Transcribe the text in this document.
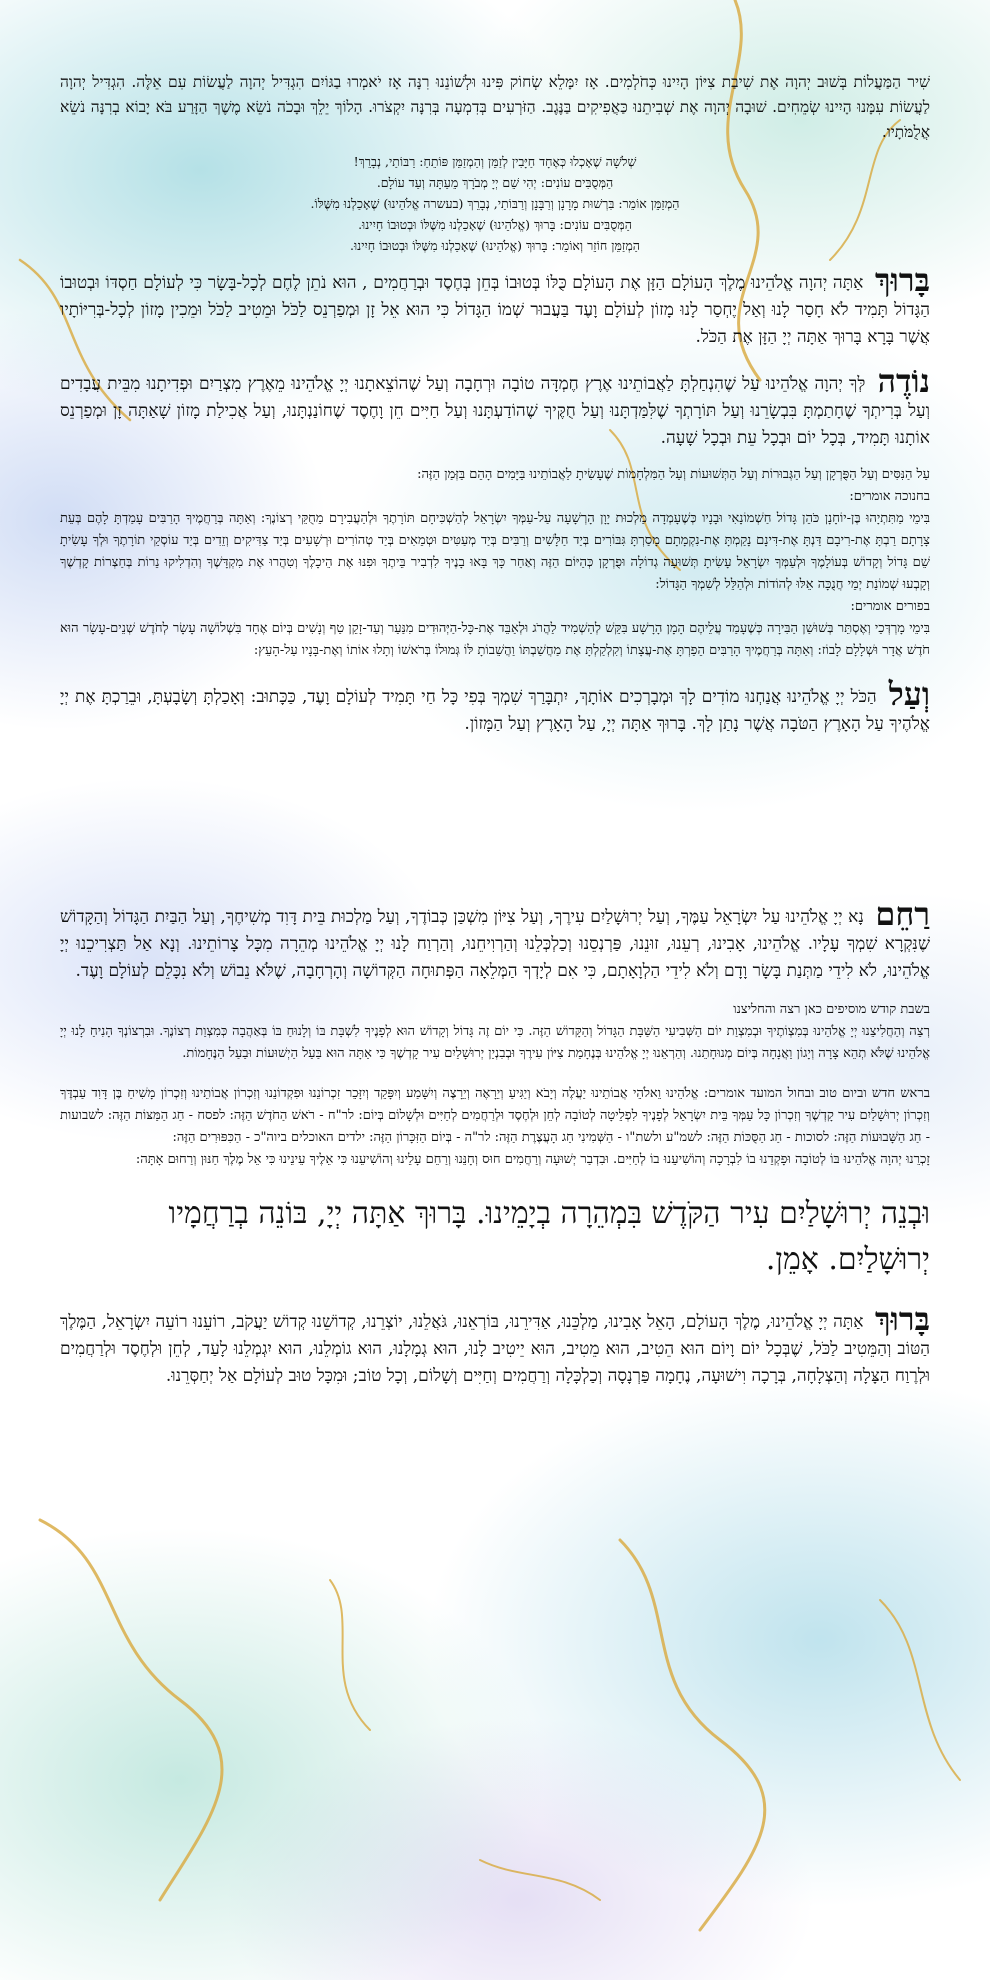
שִׁיר הַמַּעֲלוֹת בְּשׁוּב יְהוָה אֶת שִׁיבַת צִיּוֹן הָיִינוּ כְּחֹלְמִים. אָז יִמָּלֵא שְׂחוֹק פִּינוּ וּלְשׁוֹנֵנוּ רִנָּה אָז יֹאמְרוּ בַגּוֹיִם הִגְדִּיל יְהוָה לַעֲשׂוֹת עִם אֵלֶּה. הִגְדִּיל יְהוָה לַעֲשׂוֹת עִמָּנוּ הָיִינוּ שְׂמֵחִים. שׁוּבָה יְהוָה אֶת שְׁבִיתֵנוּ כַּאֲפִיקִים בַּנֶּגֶב. הַזֹּרְעִים בְּדִמְעָה בְּרִנָּה יִקְצֹרוּ. הָלוֹךְ יֵלֵךְ וּבָכֹה נֹשֵׂא מֶשֶׁךְ הַזָּרַע בֹּא יָבוֹא בְרִנָּה נֹשֵׂא אֲלֻמֹּתָיו.

שְׁלֹשָׁה שֶׁאָכְלוּ כְּאֶחָד חַיָּבִין לְזַמֵּן וְהַמְזַמֵּן פּוֹתֵחַ: רַבּוֹתַי, נְבָרֵךְ!
הַמְּסֻבִּים עוֹנִים: יְהִי שֵׁם יְיָ מְבֹרָךְ מֵעַתָּה וְעַד עוֹלָם.
הַמְזַמֵּן אוֹמֵר: בִּרְשׁוּת מָרָנָן וְרַבָּנָן וְרַבּוֹתַי, נְבָרֵךְ (בעשרה אֱלֹהֵינוּ) שֶׁאָכַלְנוּ מִשֶּׁלּוֹ.
הַמְּסֻבִּים עוֹנִים: בָּרוּךְ (אֱלֹהֵינוּ) שֶׁאָכַלְנוּ מִשֶּׁלּוֹ וּבְטוּבוֹ חָיִינוּ.
הַמְזַמֵּן חוֹזֵר וְאוֹמֵר: בָּרוּךְ (אֱלֹהֵינוּ) שֶׁאָכַלְנוּ מִשֶּׁלּוֹ וּבְטוּבוֹ חָיִינוּ.

בָּרוּךְ אַתָּה יְהוָה אֱלֹהֵינוּ מֶלֶךְ הָעוֹלָם הַזָּן אֶת הָעוֹלָם כֻּלּוֹ בְּטוּבוֹ בְּחֵן בְּחֶסֶד וּבְרַחֲמִים , הוּא נֹתֵן לֶחֶם לְכָל-בָּשָׂר כִּי לְעוֹלָם חַסְדּוֹ וּבְטוּבוֹ הַגָּדוֹל תָּמִיד לֹא חָסַר לָנוּ וְאַל יֶחְסַר לָנוּ מָזוֹן לְעוֹלָם וָעֶד בַּעֲבוּר שְׁמוֹ הַגָּדוֹל כִּי הוּא אֵל זָן וּמְפַרְנֵס לַכֹּל וּמֵטִיב לַכֹּל וּמֵכִין מָזוֹן לְכָל-בְּרִיּוֹתָיו אֲשֶׁר בָּרָא בָּרוּךְ אַתָּה יְיָ הַזָּן אֶת הַכֹּל.

נוֹדֶה לְּךָ יְהוָה אֱלֹהֵינוּ עַל שֶׁהִנְחַלְתָּ לַאֲבוֹתֵינוּ אֶרֶץ חֶמְדָּה טוֹבָה וּרְחָבָה וְעַל שֶׁהוֹצֵאתָנוּ יְיָ אֱלֹהֵינוּ מֵאֶרֶץ מִצְרַיִם וּפְדִיתָנוּ מִבֵּית עֲבָדִים וְעַל בְּרִיתְךָ שֶׁחָתַמְתָּ בִּבְשָׂרֵנוּ וְעַל תּוֹרָתְךָ שֶׁלִּמַּדְתָּנוּ וְעַל חֻקֶּיךָ שֶׁהוֹדַעְתָּנוּ וְעַל חַיִּים חֵן וָחֶסֶד שֶׁחוֹנַנְתָּנוּ, וְעַל אֲכִילַת מָזוֹן שָׁאַתָּה זָן וּמְפַרְנֵס אוֹתָנוּ תָּמִיד, בְּכָל יוֹם וּבְכָל עֵת וּבְכָל שָׁעָה.

עַל הַנִּסִּים וְעַל הַפֻּרְקָן וְעַל הַגְּבוּרוֹת וְעַל הַתְּשׁוּעוֹת וְעַל הַמִּלְחָמוֹת שֶׁעָשִׂיתָ לַאֲבוֹתֵינוּ בַּיָּמִים הָהֵם בַּזְּמַן הַזֶּה:

בחנוכה אומרים:

בִּימֵי מַתִּתְיָהוּ בֶּן-יוֹחָנָן כֹּהֵן גָּדוֹל חַשְׁמוֹנָאִי וּבָנָיו כְּשֶׁעָמְדָה מַלְכוּת יָוָן הָרְשָׁעָה עַל-עַמְּךָ יִשְׂרָאֵל לְהַשְׁכִּיחָם תּוֹרָתֶךָ וּלְהַעֲבִירָם מֵחֻקֵּי רְצוֹנֶךָ: וְאַתָּה בְּרַחֲמֶיךָ הָרַבִּים עָמַדְתָּ לָהֶם בְּעֵת צָרָתָם רַבְתָּ אֶת-רִיבָם דַּנְתָּ אֶת-דִּינָם נָקַמְתָּ אֶת-נִקְמָתָם מָסַרְתָּ גִּבּוֹרִים בְּיַד חַלָּשִׁים וְרַבִּים בְּיַד מְעַטִּים וּטְמֵאִים בְּיַד טְהוֹרִים וּרְשָׁעִים בְּיַד צַדִּיקִים וְזֵדִים בְּיַד עוֹסְקֵי תוֹרָתֶךָ וּלְךָ עָשִׂיתָ שֵׁם גָּדוֹל וְקָדוֹשׁ בְּעוֹלָמֶךָ וּלְעַמְּךָ יִשְׂרָאֵל עָשִׂיתָ תְּשׁוּעָה גְדוֹלָה וּפֻרְקָן כְּהַיּוֹם הַזֶּה וְאַחַר כָּךְ בָּאוּ בָנֶיךָ לִדְבִיר בֵּיתֶךָ וּפִנּוּ אֶת הֵיכָלֶךָ וְטִהֲרוּ אֶת מִקְדָּשֶׁךָ וְהִדְלִיקוּ נֵרוֹת בְּחַצְרוֹת קָדְשֶׁךָ וְקָבְעוּ שְׁמוֹנַת יְמֵי חֲנֻכָּה אֵלּוּ לְהוֹדוֹת וּלְהַלֵּל לְשִׁמְךָ הַגָּדוֹל:

בפורים אומרים:

בִּימֵי מָרְדְּכַי וְאֶסְתֵּר בְּשׁוּשַׁן הַבִּירָה כְּשֶׁעָמַד עֲלֵיהֶם הָמָן הָרָשָׁע בִּקֵּשׁ לְהַשְׁמִיד לַהֲרֹג וּלְאַבֵּד אֶת-כָּל-הַיְּהוּדִים מִנַּעַר וְעַד-זָקֵן טַף וְנָשִׁים בְּיוֹם אֶחָד בִּשְׁלוֹשָׁה עָשָׂר לְחֹדֶשׁ שְׁנֵים-עָשָׂר הוּא חֹדֶשׁ אֲדָר וּשְׁלָלָם לָבוֹז: וְאַתָּה בְּרַחֲמֶיךָ הָרַבִּים הֵפַרְתָּ אֶת-עֲצָתוֹ וְקִלְקַלְתָּ אֶת מַחֲשַׁבְתּוֹ וַהֲשֵׁבוֹתָ לּוֹ גְּמוּלוֹ בְּרֹאשׁוֹ וְתָלוּ אוֹתוֹ וְאֶת-בָּנָיו עַל-הָעֵץ:

וְעַל הַכֹּל יְיָ אֱלֹהֵינוּ אֲנַחְנוּ מוֹדִים לָךְ וּמְבָרְכִים אוֹתָךְ, יִתְבָּרַךְ שִׁמְךָ בְּפִי כָּל חַי תָּמִיד לְעוֹלָם וָעֶד, כַּכָּתוּב: וְאָכַלְתָּ וְשָׂבָעְתָּ, וּבֵרַכְתָּ אֶת יְיָ אֱלֹהֶיךָ עַל הָאָרֶץ הַטֹּבָה אֲשֶׁר נָתַן לָךְ. בָּרוּךְ אַתָּה יְיָ, עַל הָאָרֶץ וְעַל הַמָּזוֹן.

רַחֵם נָא יְיָ אֱלֹהֵינוּ עַל יִשְׂרָאֵל עַמֶּךָ, וְעַל יְרוּשָׁלַיִם עִירֶךָ, וְעַל צִיּוֹן מִשְׁכַּן כְּבוֹדֶךָ, וְעַל מַלְכוּת בֵּית דָּוִד מְשִׁיחֶךָ, וְעַל הַבַּיִת הַגָּדוֹל וְהַקָּדוֹשׁ שֶׁנִּקְרָא שִׁמְךָ עָלָיו. אֱלֹהֵינוּ, אָבִינוּ, רְעֵנוּ, זוּנֵנוּ, פַּרְנְסֵנוּ וְכַלְכְּלֵנוּ וְהַרְוִיחֵנוּ, וְהַרְוַח לָנוּ יְיָ אֱלֹהֵינוּ מְהֵרָה מִכָּל צָרוֹתֵינוּ. וְנָא אַל תַּצְרִיכֵנוּ יְיָ אֱלֹהֵינוּ, לֹא לִידֵי מַתְּנַת בָּשָׂר וָדָם וְלֹא לִידֵי הַלְוָאָתָם, כִּי אִם לְיָדְךָ הַמְּלֵאָה הַפְּתוּחָה הַקְּדוֹשָׁה וְהָרְחָבָה, שֶׁלֹּא נֵבוֹשׁ וְלֹא נִכָּלֵם לְעוֹלָם וָעֶד.

בשבת קודש מוסיפים כאן רצה והחליצנו

רְצֵה וְהַחֲלִיצֵנוּ יְיָ אֱלֹהֵינוּ בְּמִצְוֹתֶיךָ וּבְמִצְוַת יוֹם הַשְּׁבִיעִי הַשַּׁבָּת הַגָּדוֹל וְהַקָּדוֹשׁ הַזֶּה. כִּי יוֹם זֶה גָּדוֹל וְקָדוֹשׁ הוּא לְפָנֶיךָ לִשְׁבָּת בּוֹ וְלָנוּחַ בּוֹ בְּאַהֲבָה כְּמִצְוַת רְצוֹנֶךָ. וּבִרְצוֹנְךָ הָנִיחַ לָנוּ יְיָ אֱלֹהֵינוּ שֶׁלֹּא תְהֵא צָרָה וְיָגוֹן וַאֲנָחָה בְּיוֹם מְנוּחָתֵנוּ. וְהַרְאֵנוּ יְיָ אֱלֹהֵינוּ בְּנֶחָמַת צִיּוֹן עִירֶךָ וּבְבִנְיַן יְרוּשָׁלַיִם עִיר קָדְשֶׁךָ כִּי אַתָּה הוּא בַּעַל הַיְשׁוּעוֹת וּבַעַל הַנֶּחָמוֹת.

בראש חדש וביום טוב ובחול המועד אומרים: אֱלֹהֵינוּ וֵאלֹהֵי אֲבוֹתֵינוּ יַעֲלֶה וְיָבֹא וְיַגִּיעַ וְיֵרָאֶה וְיֵרָצֶה וְיִשָּׁמַע וְיִפָּקֵד וְיִזָּכֵר זִכְרוֹנֵנוּ וּפִקְדוֹנֵנוּ וְזִכְרוֹן אֲבוֹתֵינוּ וְזִכְרוֹן מָשִׁיחַ בֶּן דָּוִד עַבְדֶּךָ וְזִכְרוֹן יְרוּשָׁלַיִם עִיר קָדְשֶׁךָ וְזִכְרוֹן כָּל עַמְּךָ בֵּית יִשְׂרָאֵל לְפָנֶיךָ לִפְלֵיטָה לְטוֹבָה לְחֵן וּלְחֶסֶד וּלְרַחֲמִים לְחַיִּים וּלְשָׁלוֹם בְּיוֹם: לר"ח - רֹאשׁ הַחֹדֶשׁ הַזֶּה: לפסח - חַג הַמַּצּוֹת הַזֶּה: לשבועות - חַג הַשָּׁבוּעוֹת הַזֶּה: לסוכות - חַג הַסֻּכּוֹת הַזֶּה: לשמ"ע ולשת"ו - הַשְּׁמִינִי חַג הָעֲצֶרֶת הַזֶּה: לר"ה - בְּיוֹם הַזִּכָּרוֹן הַזֶּה: ילדים האוכלים ביוה"כ - הַכִּפּוּרִים הַזֶּה:

זָכְרֵנוּ יְהוָה אֱלֹהֵינוּ בּוֹ לְטוֹבָה וּפָקְדֵנוּ בוֹ לִבְרָכָה וְהוֹשִׁיעֵנוּ בוֹ לְחַיִּים. וּבִדְבַר יְשׁוּעָה וְרַחֲמִים חוּס וְחָנֵּנוּ וְרַחֵם עָלֵינוּ וְהוֹשִׁיעֵנוּ כִּי אֵלֶיךָ עֵינֵינוּ כִּי אֵל מֶלֶךְ חַנּוּן וְרַחוּם אָתָּה:

וּבְנֵה יְרוּשָׁלַיִם עִיר הַקֹּדֶשׁ בִּמְהֵרָה בְיָמֵינוּ. בָּרוּךְ אַתָּה יְיָ, בּוֹנֵה בְרַחֲמָיו יְרוּשָׁלַיִם. אָמֵן.

בָּרוּךְ אַתָּה יְיָ אֱלֹהֵינוּ, מֶלֶךְ הָעוֹלָם, הָאֵל אָבִינוּ, מַלְכֵּנוּ, אַדִּירֵנוּ, בּוֹרְאֵנוּ, גֹּאֲלֵנוּ, יוֹצְרֵנוּ, קְדוֹשֵׁנוּ קְדוֹשׁ יַעֲקֹב, רוֹעֵנוּ רוֹעֵה יִשְׂרָאֵל, הַמֶּלֶךְ הַטּוֹב וְהַמֵּטִיב לַכֹּל, שֶׁבְּכָל יוֹם וָיוֹם הוּא הֵטִיב, הוּא מֵטִיב, הוּא יֵיטִיב לָנוּ, הוּא גְמָלָנוּ, הוּא גוֹמְלֵנוּ, הוּא יִגְמְלֵנוּ לָעַד, לְחֵן וּלְחֶסֶד וּלְרַחֲמִים וּלְרֶוַח הַצָּלָה וְהַצְלָחָה, בְּרָכָה וִישׁוּעָה, נֶחָמָה פַּרְנָסָה וְכַלְכָּלָה וְרַחֲמִים וְחַיִּים וְשָׁלוֹם, וְכָל טוֹב; וּמִכָּל טוּב לְעוֹלָם אַל יְחַסְּרֵנוּ.
